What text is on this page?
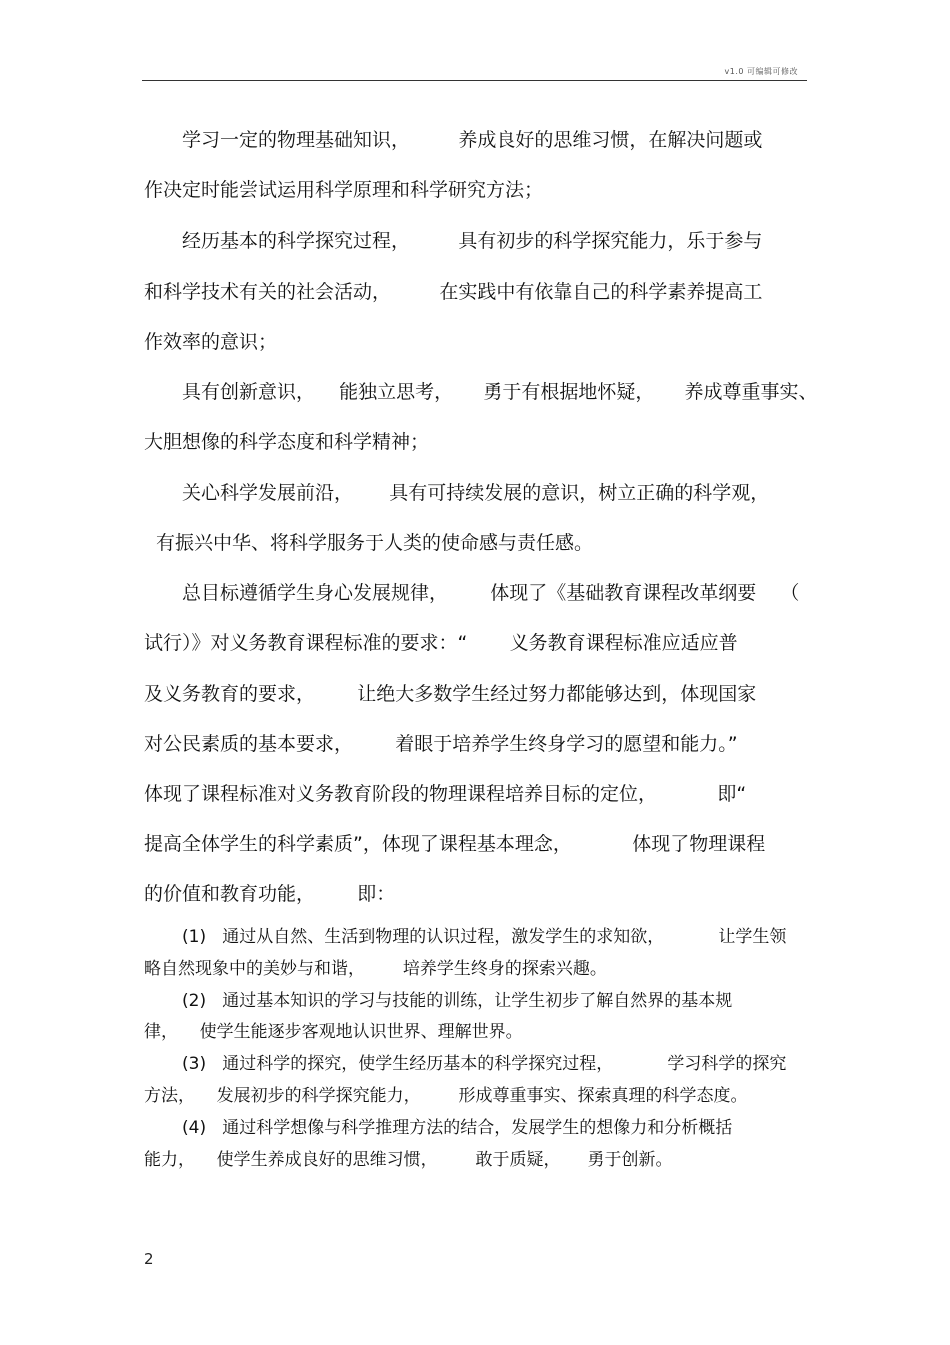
v1.0 可编辑可修改
学习一定的物理基础知识，        养成良好的思维习惯，在解决问题或
作决定时能尝试运用科学原理和科学研究方法；
经历基本的科学探究过程，        具有初步的科学探究能力，乐于参与
和科学技术有关的社会活动，        在实践中有依靠自己的科学素养提高工
作效率的意识；
具有创新意识，    能独立思考，     勇于有根据地怀疑，     养成尊重事实、
大胆想像的科学态度和科学精神；
关心科学发展前沿，      具有可持续发展的意识，树立正确的科学观，
有振兴中华、将科学服务于人类的使命感与责任感。
总目标遵循学生身心发展规律，       体现了《基础教育课程改革纲要    （
试行）》对义务教育课程标准的要求：“       义务教育课程标准应适应普
及义务教育的要求，       让绝大多数学生经过努力都能够达到，体现国家
对公民素质的基本要求，       着眼于培养学生终身学习的愿望和能力。”
体现了课程标准对义务教育阶段的物理课程培养目标的定位，          即“
提高全体学生的科学素质”，体现了课程基本理念，          体现了物理课程
的价值和教育功能，       即：
(1)   通过从自然、生活到物理的认识过程，激发学生的求知欲，          让学生领
略自然现象中的美妙与和谐，       培养学生终身的探索兴趣。
(2)   通过基本知识的学习与技能的训练，让学生初步了解自然界的基本规
律，    使学生能逐步客观地认识世界、理解世界。
(3)   通过科学的探究，使学生经历基本的科学探究过程，          学习科学的探究
方法，    发展初步的科学探究能力，       形成尊重事实、探索真理的科学态度。
(4)   通过科学想像与科学推理方法的结合，发展学生的想像力和分析概括
能力，    使学生养成良好的思维习惯，       敢于质疑，     勇于创新。
2
